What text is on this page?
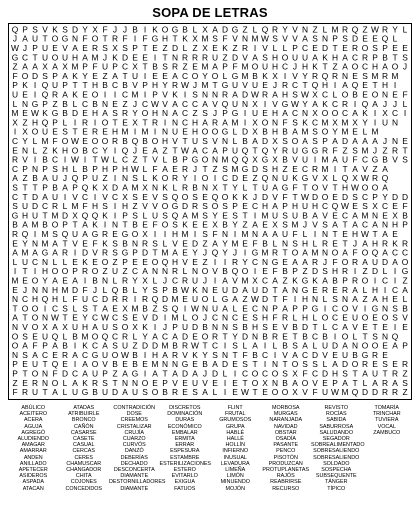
SOPA DE LETRAS
Q P S V K S D Y X F J J B I K O G B L X A D G Z L Q R Y V N Z L M R Q Z W R Y L
J A U T O G N F O T R F I F G H T K X M S F V N M W S V V A S N P S D E E Q L
W J P U E V A E R S X S P T E Z D L Z X E K Z R I V L L P C E D T E R O S P E E
G C T U O U H A M J K D E E I T N R R R U Z D V A S H O U U A K H A C R P B T S
Z A A X A X M P F U P C X T B S R Z E M A P F M O U H C J H K T Z A O C H A O J
F O D S P A K Y E Z A T U I E E A C O Y O L G M B K X I V Y R Q R N E S M R M
P K I Q U P T T H B C B V P H Y R W J M T G U V U E J R C T Q H I A Q E T H I
U E I Q R A K E O I I C M I P V K I S N N R A D W R A H S W X C L O B E O N E F
L N G P Z B L C B N E Z J C W V A C C A V Q U N X I V G W Y A K C R I Q A J J L
M E W K G B D E H A S R Y O H N A C Z S J P G I U E H A C N X O O C A K I X C I
X Z H Q P L I R I O T E X T R I N C H A R A M I X O N F S K C M X M X Y I U N
I X O U E S T E R E H M I M I N U E H O O G L D X B H B A M S O Y M E L M
C Y L M F O W E O O R B Q B O H V T U S V N L B A D X S O A S P A D A A A J N E
E N L Z K H O B C Y I Q J E A Z T W A C A P U Q T Q Y R U G G R F Z S M J Z R T
R V I B C I W I T W L C Z T V L B P G O N M Q Q X G X B V U I M A U F C G B V S
C P N P S H L B P H P H W L F A E R J T Z S M G D S H Z E C R M I T A V Z A
A Z B A U J Q P U Z I N S L K O R Y I O I C D E Z Q N U K G V X L Q X W R Q
S T T P B A P Q K X D A M X N K L R B N X T Y L T U A G F T O V T H W O O A
C T D A U I V C I V C X S E V S Q O S E Q O K K J D V F T W D O E D S C P Y D D
S U D C R L M F H S I H Z V V O G D R S O S P E C H A P H U H C Q W E S X C E F
G H U T M D X Q Q K I P S L U S Q A M S Y E S T I M U S U B A V E C A M N E X B
B A M B O P T A K I N T B E F O S K E E X B Y Z A E X S M J V S A T A C A N H P
R Q I M S Q U A G R E G O X I I H M I S F N I M N A A U F L I N T E H W T A E
E Y N M A T V E F K S B N R S L V E D Z A Y M E F B L N S H L R E T J A H R K R
A M A G A R I D V R S G P D T M A E Y J Q Y J I G M R T O A M N O A F O Q A C C
L U C N L L E K E O Z P E E O Q H V E Z I I R Y C N G E A A R J F O R A U D A O
I T I H O O P R O Z U Z C A N N R L N O V B Q O I E F B P Z D S H R I Z D L I G
M E O Y A E A I B N L R Y X L J C R U J I A V M X C A Z K G K A B P R O I C I Z
E J N N H M D F J L Q B L Y S P B W K N E U D A U D T A N G E R E R A L H I C A
N C H Q H L F U C D R R I R Q D M E U O L G A Z W D T F I H N L S N A Z A H E L
T O O I C S L S T A E X M B Z S Q I W N U A L E C N P A P P G I C O V I G N S B
A T O N W T E Y C W C S E V D I M L O J C N C E S H F R L H L O C E U O E O S V
N V O X A X U H A U S O X K I J P U D B N N S B H S E V B D T L C A V E T E I E
O S E U Q L B M O Q C R L Y A C A D E O R T Y D N B R E T B C B I O L T S N Q
O A F P A B I K C A S U Z D D M B R W T C I S L A I L B S A L U D A N O O E A P
N S A C E R A C G U O W B I H A R V K Y S N T F B C I V A C D V E U B G R E
P E U T Q E I A O V B E B E M N N G E B A D E S T I N T O S S L A D O R E S E R
P T O N F D C A U P Z A G I A T A D A J D L I C O C O S X F C D H S T A U T R Z
Z E R N O L A K R S T N N O E P V E U V E I E T O X N B A O V E P A T L A R A S
F R U T A L U G B U D A U S O B R E S A L I E W T E O O X V F U W M Q D D R R Z
ABÚLICO
ACEITERO
ACERA
AGUJA
AGREGÓ
ALUDIENDO
AMAGAR
AMARRAR
ANDEN
ANILLADO
APETECER
ASIDEROS
ASPADA
ATACAN
ATADAS
ATRIBUIRLE
BRONCO
CAÑÓN
CASARSE
CASETE
CASUAL
CERCAS
CERES
CHAMUSCAR
CHANGADOR
CHITA
COJONES
CONCEDIDOS
CONTRADICIÓN
DOSE
CREEMOS
CRISTALIZAR
CRUJÍA
CUARZO
CURVÓS
DANZÓ
DEBERÍAS
DECHADO
DESCONCERTA
DIAMANTE
DESTORNILLADORES
DIAMANTE
DISCRETOS
DOMINACIÓN
DURAS
ECONÓMICO
EMBALAR
ERMITA
ERRAR
ESPESURA
ESTAMBRE
ESTERILIZACIONES
ESTERO
EVITARLO
EXIGUA
FATUOS
FLINT
FRUTAL
GRUMOSOS
GRUPA
HABLÉ
HALLÉ
HOLLÍN
INFIERNO
INUSUAL
LEVADURA
LIMEÑA
LIMÓN
MINUENDO
MOJÓN
MORBOSA
MURGAS
NARANJADA
NAVIDAD
OBSTAR
OSADÍA
PASANTE
PENCO
PISOTÓN
PRODUZCAN
PROTUPLANETAS
RAJÓS
REABRIRSE
RECURSO
REVISTO
ROCÍAS
SABIDA
SABURROSA
SALUDANDO
SEGADOR
SOBREALIMENTADO
SOBRESALIENDO
SOBRESALIENDO
SOLDADO
SOSPECHA
SUBSEQUENTE
TÁNGER
TÍPICO
TOMARÍA
TRINCHAR
TUVIERA
VOCAL
ZAMBUCO
